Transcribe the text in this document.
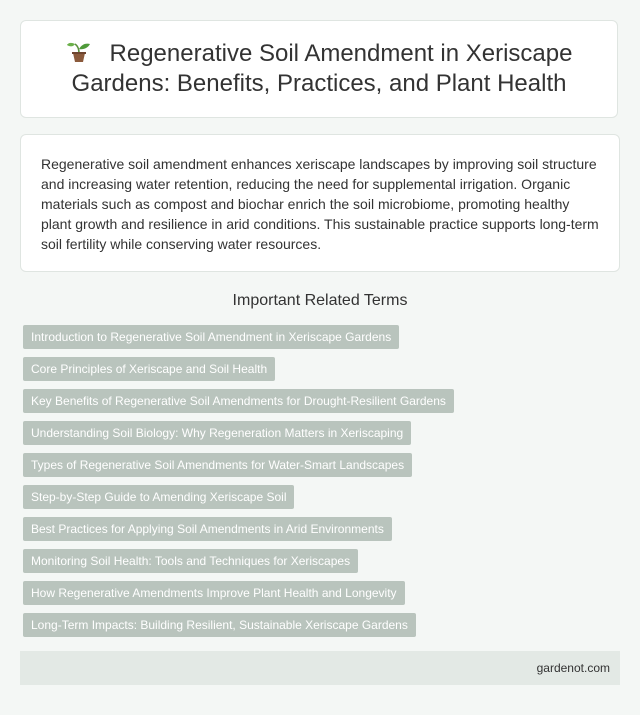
Regenerative Soil Amendment in Xeriscape Gardens: Benefits, Practices, and Plant Health

Regenerative soil amendment enhances xeriscape landscapes by improving soil structure and increasing water retention, reducing the need for supplemental irrigation. Organic materials such as compost and biochar enrich the soil microbiome, promoting healthy plant growth and resilience in arid conditions. This sustainable practice supports long-term soil fertility while conserving water resources.

Important Related Terms
Introduction to Regenerative Soil Amendment in Xeriscape Gardens
Core Principles of Xeriscape and Soil Health
Key Benefits of Regenerative Soil Amendments for Drought-Resilient Gardens
Understanding Soil Biology: Why Regeneration Matters in Xeriscaping
Types of Regenerative Soil Amendments for Water-Smart Landscapes
Step-by-Step Guide to Amending Xeriscape Soil
Best Practices for Applying Soil Amendments in Arid Environments
Monitoring Soil Health: Tools and Techniques for Xeriscapes
How Regenerative Amendments Improve Plant Health and Longevity
Long-Term Impacts: Building Resilient, Sustainable Xeriscape Gardens
gardenot.com
